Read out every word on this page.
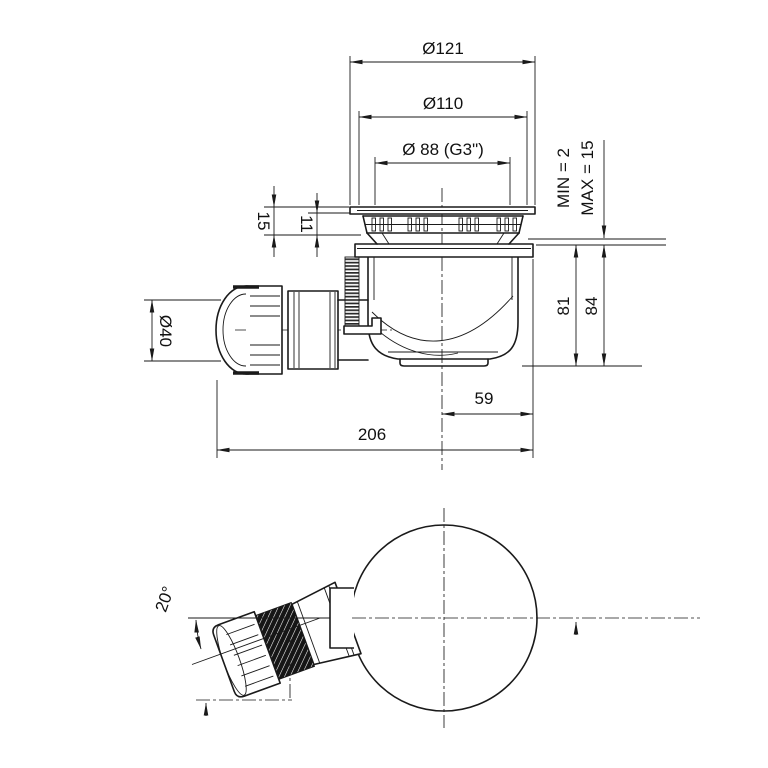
Ø121
Ø110
Ø 88 (G3")
15 11
Ø40
MIN = 2 MAX = 15
81 84
59
206
20°
